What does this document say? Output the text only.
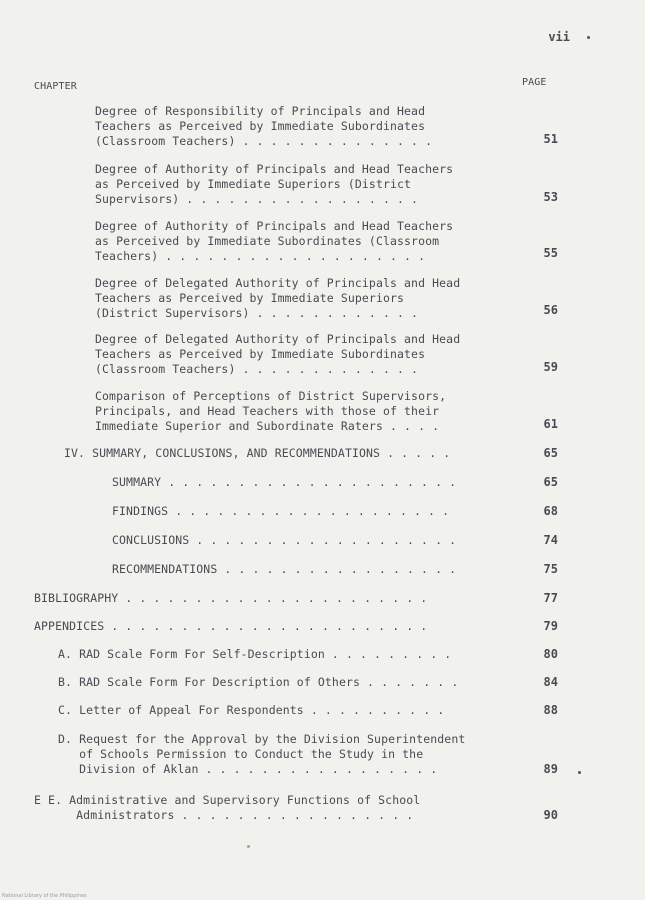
vii
CHAPTER	PAGE
Degree of Responsibility of Principals and Head
Teachers as Perceived by Immediate Subordinates
(Classroom Teachers) . . . . . . . . . . . . . .	51
Degree of Authority of Principals and Head Teachers
as Perceived by Immediate Superiors (District
Supervisors) . . . . . . . . . . . . . . . . .	53
Degree of Authority of Principals and Head Teachers
as Perceived by Immediate Subordinates (Classroom
Teachers) . . . . . . . . . . . . . . . . . . .	55
Degree of Delegated Authority of Principals and Head
Teachers as Perceived by Immediate Superiors
(District Supervisors) . . . . . . . . . . . .	56
Degree of Delegated Authority of Principals and Head
Teachers as Perceived by Immediate Subordinates
(Classroom Teachers) . . . . . . . . . . . . .	59
Comparison of Perceptions of District Supervisors,
Principals, and Head Teachers with those of their
Immediate Superior and Subordinate Raters . . . .	61
IV. SUMMARY, CONCLUSIONS, AND RECOMMENDATIONS . . . . .	65
SUMMARY . . . . . . . . . . . . . . . . . . . . .	65
FINDINGS . . . . . . . . . . . . . . . . . . . .	68
CONCLUSIONS . . . . . . . . . . . . . . . . . . .	74
RECOMMENDATIONS . . . . . . . . . . . . . . . . .	75
BIBLIOGRAPHY . . . . . . . . . . . . . . . . . . . . . .	77
APPENDICES . . . . . . . . . . . . . . . . . . . . . . .	79
A. RAD Scale Form For Self-Description . . . . . . . . .	80
B. RAD Scale Form For Description of Others . . . . . . .	84
C. Letter of Appeal For Respondents . . . . . . . . . .	88
D. Request for the Approval by the Division Superintendent
of Schools Permission to Conduct the Study in the
Division of Aklan . . . . . . . . . . . . . . . . .	89
E E. Administrative and Supervisory Functions of School
Administrators . . . . . . . . . . . . . . . . .	90
National Library of the Philippines
